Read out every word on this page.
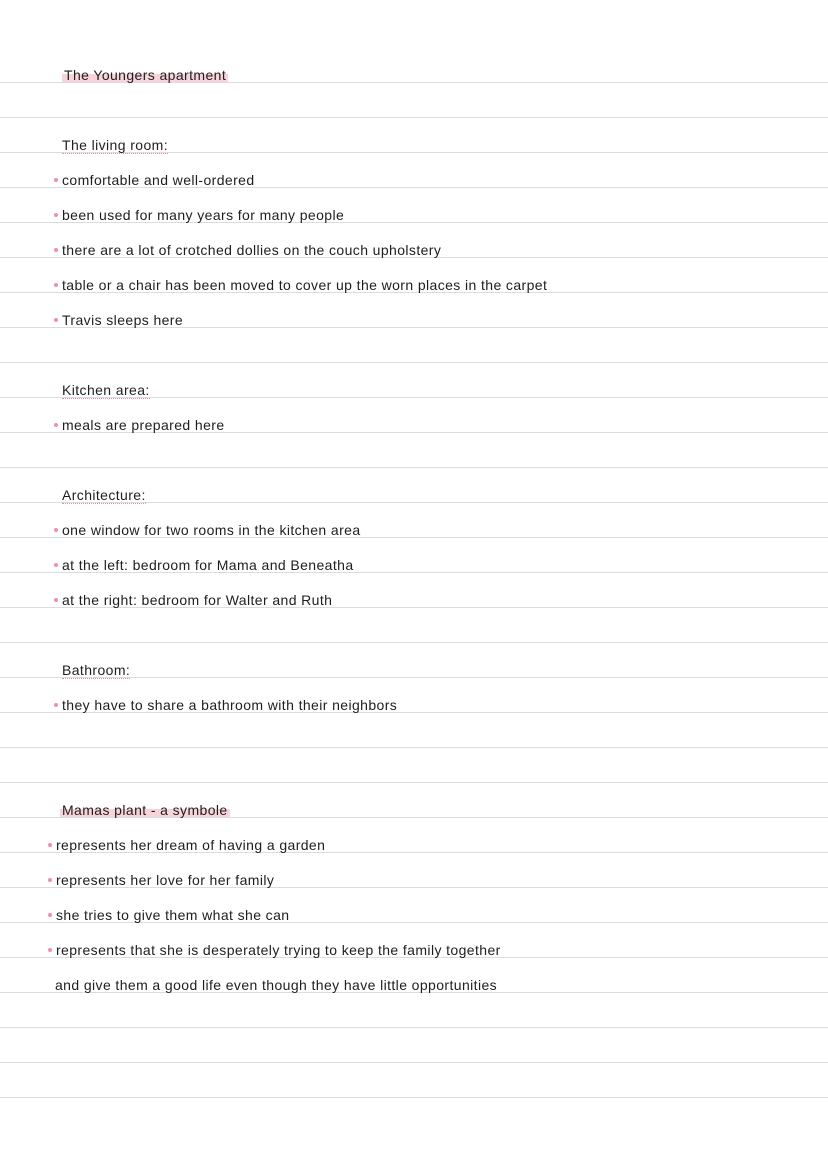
The Youngers apartment
The living room:
comfortable and well-ordered
been used for many years for many people
there are a lot of crotched dollies on the couch upholstery
table or a chair has been moved to cover up the worn places in the carpet
Travis sleeps here
Kitchen area:
meals are prepared here
Architecture:
one window for two rooms in the kitchen area
at the left: bedroom for Mama and Beneatha
at the right: bedroom for Walter and Ruth
Bathroom:
they have to share a bathroom with their neighbors
Mamas plant - a symbole
represents her dream of having a garden
represents her love for her family
she tries to give them what she can
represents that she is desperately trying to keep the family together
and give them a good life even though they have little opportunities
